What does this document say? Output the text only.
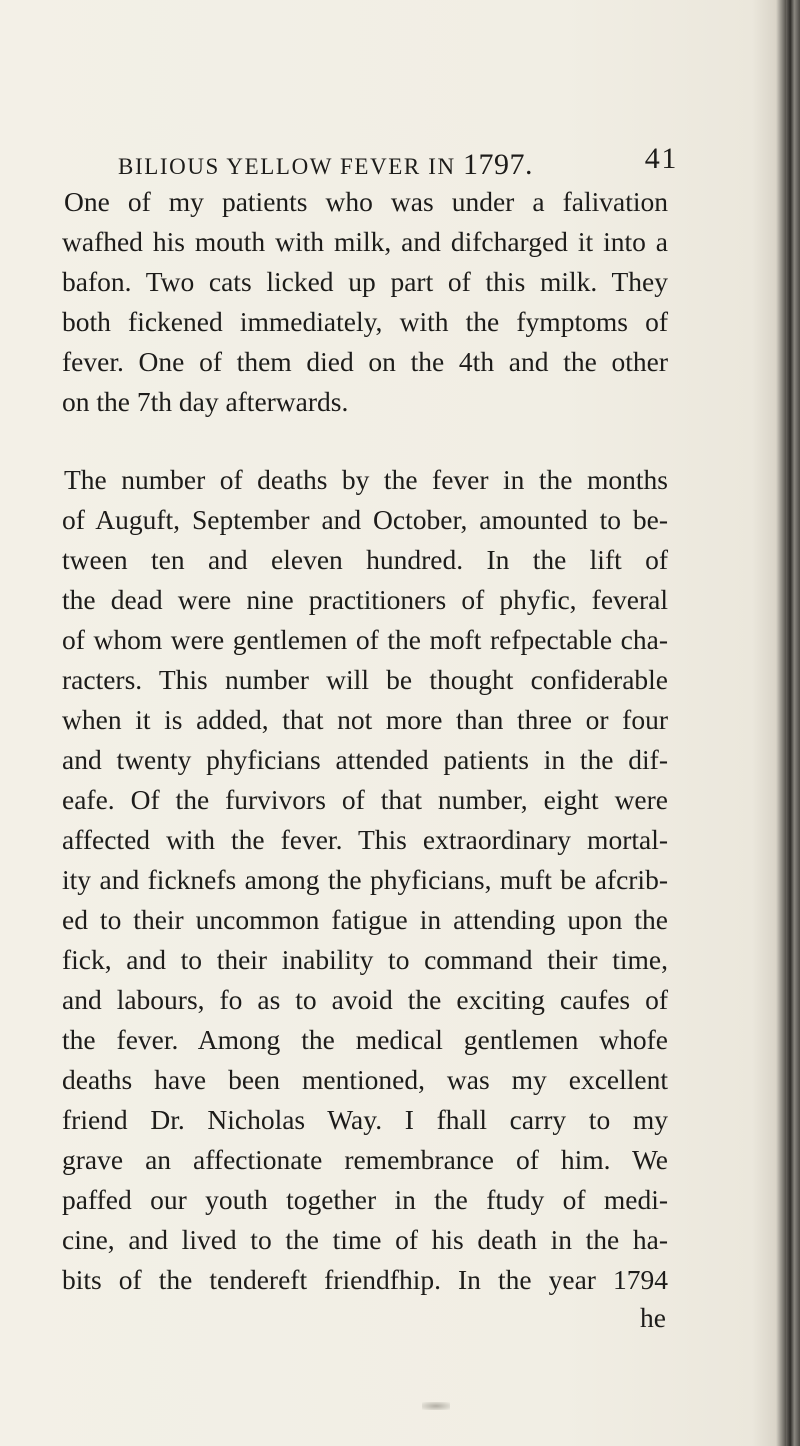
BILIOUS YELLOW FEVER IN 1797.	41
One of my patients who was under a falivation
wafhed his mouth with milk, and difcharged it into a
bafon. Two cats licked up part of this milk. They
both fickened immediately, with the fymptoms of
fever. One of them died on the 4th and the other
on the 7th day afterwards.
The number of deaths by the fever in the months
of Auguft, September and October, amounted to be-
tween ten and eleven hundred. In the lift of
the dead were nine practitioners of phyfic, feveral
of whom were gentlemen of the moft refpectable cha-
racters. This number will be thought confiderable
when it is added, that not more than three or four
and twenty phyficians attended patients in the dif-
eafe. Of the furvivors of that number, eight were
affected with the fever. This extraordinary mortal-
ity and ficknefs among the phyficians, muft be afcrib-
ed to their uncommon fatigue in attending upon the
fick, and to their inability to command their time,
and labours, fo as to avoid the exciting caufes of
the fever. Among the medical gentlemen whofe
deaths have been mentioned, was my excellent
friend Dr. Nicholas Way. I fhall carry to my
grave an affectionate remembrance of him. We
paffed our youth together in the ftudy of medi-
cine, and lived to the time of his death in the ha-
bits of the tendereft friendfhip. In the year 1794
he
